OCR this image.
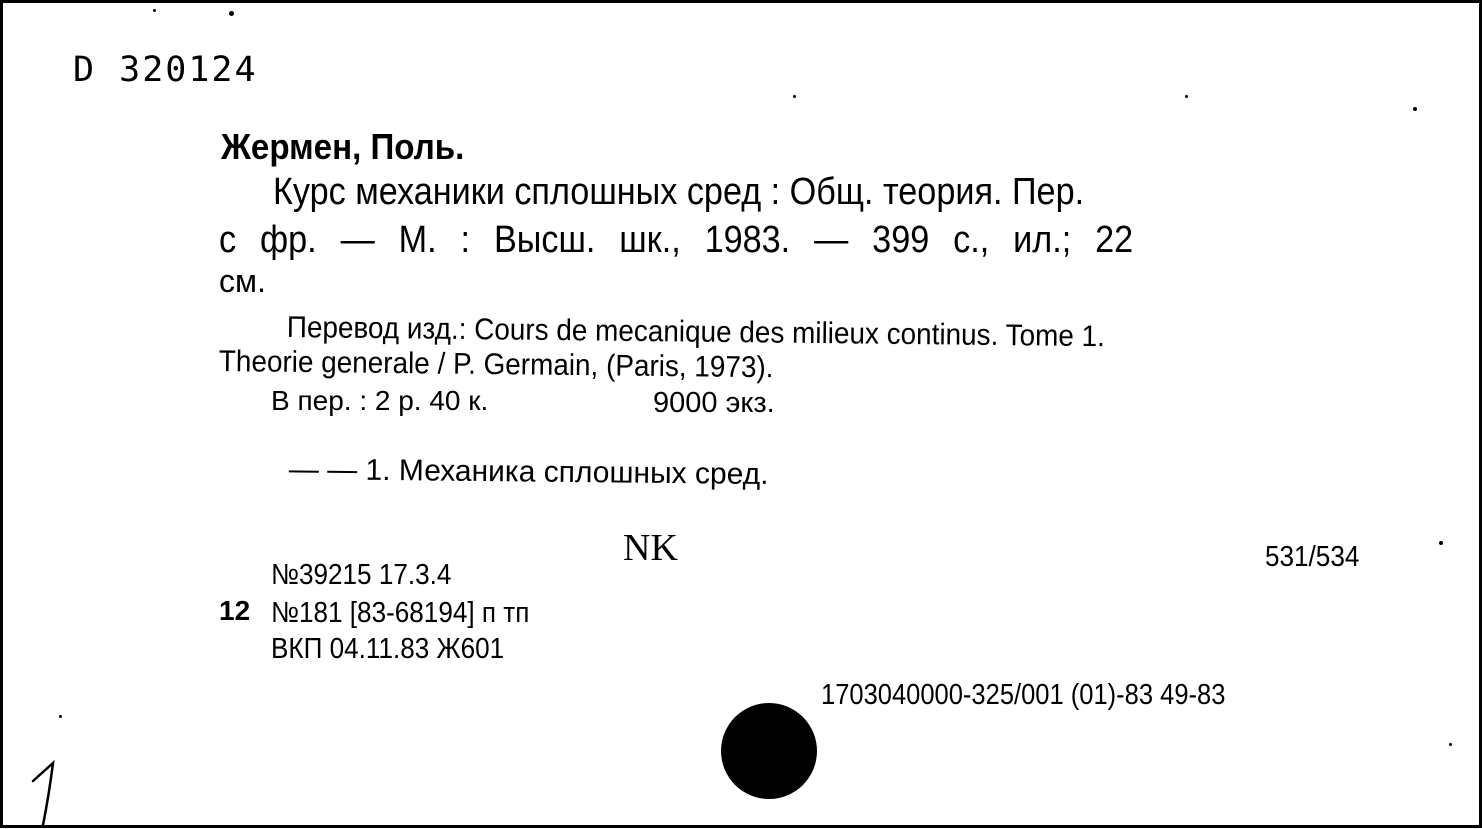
D 320124
Жермен, Поль.
Курс механики сплошных сред : Общ. теория. Пер.
с фр. — М. : Высш. шк., 1983. — 399 с., ил.; 22
см.
Перевод изд.: Cours de mecanique des milieux continus. Tome 1.
Theorie generale / P. Germain, (Paris, 1973).
В пер. : 2 р. 40 к.	9000 экз.
— — 1. Механика сплошных сред.
NK	531/534
№39215 17.3.4
12 №181 [83-68194] п тп
ВКП 04.11.83 Ж601
1703040000-325/001 (01)-83 49-83
